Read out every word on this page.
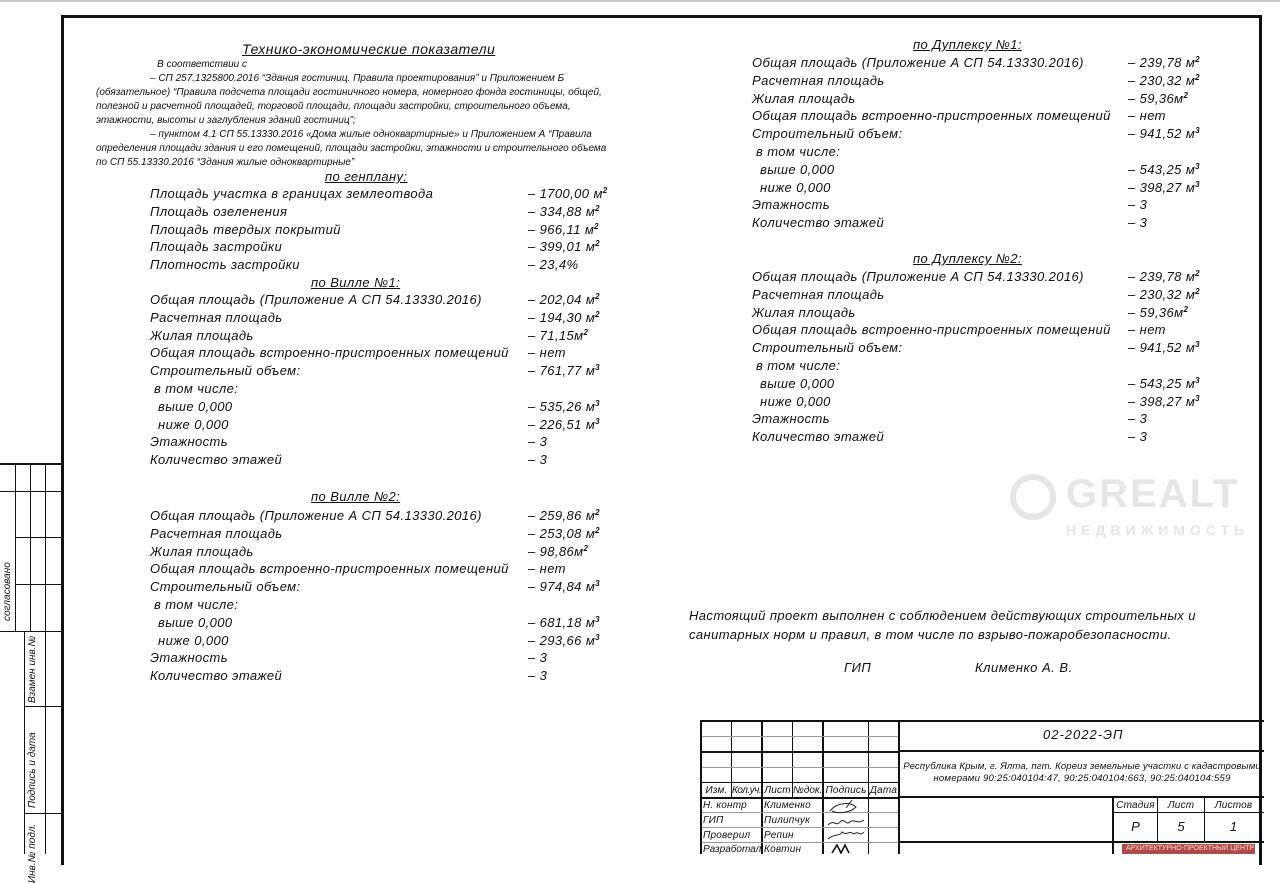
GREALT
НЕДВИЖИМОСТЬ
Технико-экономические показатели
В соответствии с
– СП 257.1325800.2016 “Здания гостиниц. Правила проектирования” и Приложением Б
(обязательное) “Правила подсчета площади гостиничного номера, номерного фонда гостиницы, общей,
полезной и расчетной площадей, торговой площади, площади застройки, строительного объема,
этажности, высоты и заглубления зданий гостиниц”;
– пунктом 4.1 СП 55.13330.2016 «Дома жилые одноквартирные» и Приложением А “Правила
определения площади здания и его помещений, площади застройки, этажности и строительного объема
по СП 55.13330.2016 “Здания жилые одноквартирные”
по генплану:
Площадь участка в границах землеотвода	– 1700,00 $м^2$
Площадь озеленения	– 334,88 $м^2$
Площадь твердых покрытий	– 966,11 $м^2$
Площадь застройки	– 399,01 $м^2$
Плотность застройки	– 23,4%
по Вилле №1:
Общая площадь (Приложение А СП 54.13330.2016)	– 202,04 $м^2$
Расчетная площадь	– 194,30 $м^2$
Жилая площадь	– $71,15м^2$
Общая площадь встроенно-пристроенных помещений – нет
Строительный объем:	– 761,77 $м^3$
в том числе:
выше 0,000	– 535,26 $м^3$
ниже 0,000	– 226,51 $м^3$
Этажность	– 3
Количество этажей	– 3
по Вилле №2:
Общая площадь (Приложение А СП 54.13330.2016)	– 259,86 $м^2$
Расчетная площадь	– 253,08 $м^2$
Жилая площадь	– $98,86м^2$
Общая площадь встроенно-пристроенных помещений – нет
Строительный объем:	– 974,84 $м^3$
в том числе:
выше 0,000	– 681,18 $м^3$
ниже 0,000	– 293,66 $м^3$
Этажность	– 3
Количество этажей	– 3
по Дуплексу №1:
Общая площадь (Приложение А СП 54.13330.2016)	– 239,78 $м^2$
Расчетная площадь	– 230,32 $м^2$
Жилая площадь	– $59,36м^2$
Общая площадь встроенно-пристроенных помещений – нет
Строительный объем:	– 941,52 $м^3$
в том числе:
выше 0,000	– 543,25 $м^3$
ниже 0,000	– 398,27 $м^3$
Этажность	– 3
Количество этажей	– 3
по Дуплексу №2:
Общая площадь (Приложение А СП 54.13330.2016)	– 239,78 $м^2$
Расчетная площадь	– 230,32 $м^2$
Жилая площадь	– $59,36м^2$
Общая площадь встроенно-пристроенных помещений – нет
Строительный объем:	– 941,52 $м^3$
в том числе:
выше 0,000	– 543,25 $м^3$
ниже 0,000	– 398,27 $м^3$
Этажность	– 3
Количество этажей	– 3
Настоящий проект выполнен с соблюдением действующих строительных и
санитарных норм и правил, в том числе по взрыво-пожаробезопасности.
ГИП	Клименко А. В.
Изм. Кол.уч. Лист №док. Подпись Дата
Н. контр	Клименко
ГИП	Пилипчук
Проверил	Репин
Разработал Ковтин
02-2022-ЭП
Республика Крым, г. Ялта, пгт. Кореиз земельные участки с кадастровыми
номерами 90:25:040104:47, 90:25:040104:663, 90:25:040104:559
Стадия	Лист	Листов
Р	5	1
АРХИТЕКТУРНО-ПРОЕКТНЫЙ ЦЕНТР
согласовано
Взамен инв.№
Подпись и дата
Инв.№ подл.
